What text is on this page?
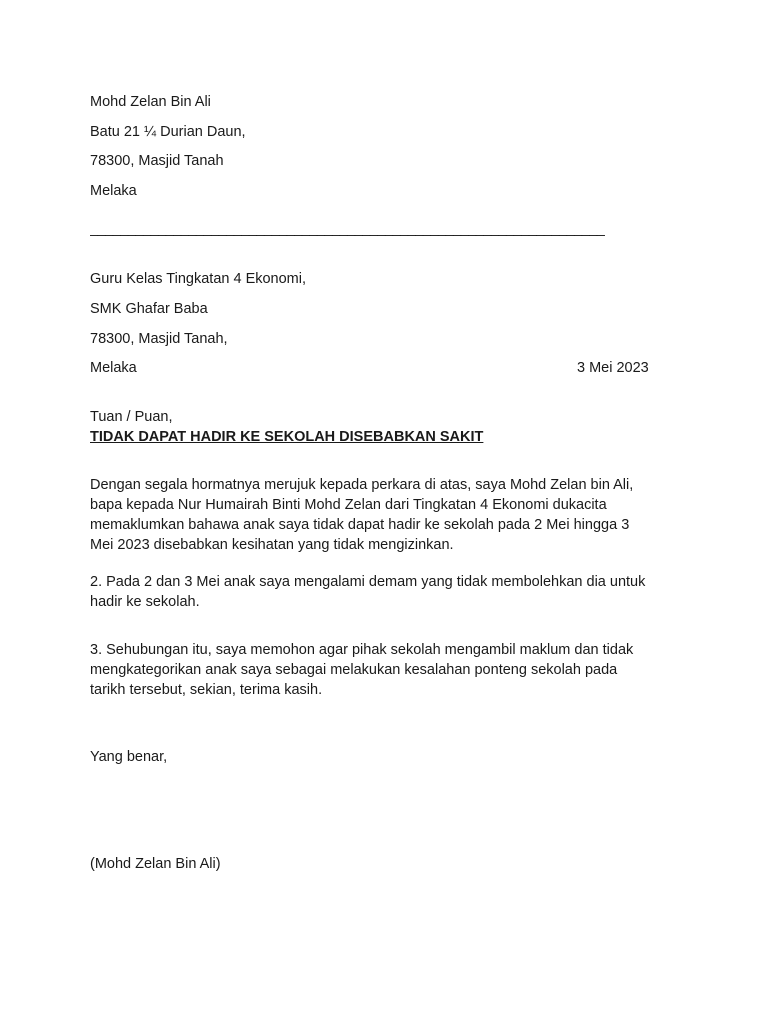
Mohd Zelan Bin Ali
Batu 21 ¼ Durian Daun,
78300, Masjid Tanah
Melaka
____________________________________________________________________
Guru Kelas Tingkatan 4 Ekonomi,
SMK Ghafar Baba
78300, Masjid Tanah,
Melaka	3 Mei 2023
Tuan / Puan,
TIDAK DAPAT HADIR KE SEKOLAH DISEBABKAN SAKIT
Dengan segala hormatnya merujuk kepada perkara di atas, saya Mohd Zelan bin Ali,
bapa kepada Nur Humairah Binti Mohd Zelan dari Tingkatan 4 Ekonomi dukacita
memaklumkan bahawa anak saya tidak dapat hadir ke sekolah pada 2 Mei hingga 3
Mei 2023 disebabkan kesihatan yang tidak mengizinkan.
2. Pada 2 dan 3 Mei anak saya mengalami demam yang tidak membolehkan dia untuk
hadir ke sekolah.
3. Sehubungan itu, saya memohon agar pihak sekolah mengambil maklum dan tidak
mengkategorikan anak saya sebagai melakukan kesalahan ponteng sekolah pada
tarikh tersebut, sekian, terima kasih.
Yang benar,
(Mohd Zelan Bin Ali)
